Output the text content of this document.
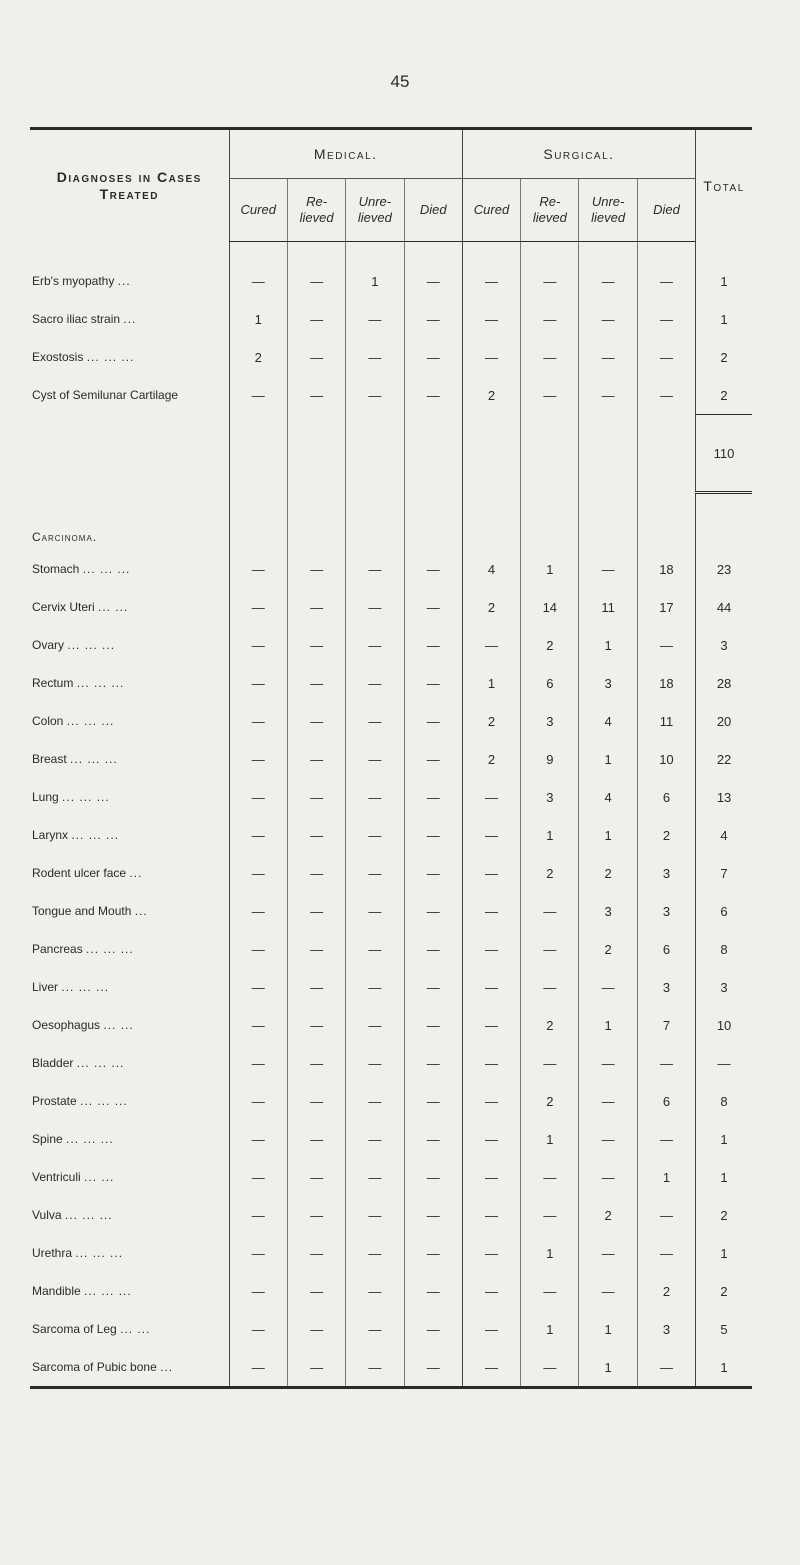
45
Diagnoses in Cases Treated	Medical.				Surgical.				Total
	Cured	Re- lieved	Unre- lieved	Died	Cured	Re- lieved	Unre- lieved	Died	

Erb's myopathy ...	—	—	1	—	—	—	—	—	1
Sacro iliac strain ...	1	—	—	—	—	—	—	—	1
Exostosis ... ... ...	2	—	—	—	—	—	—	—	2
Cyst of Semilunar Cartilage	—	—	—	—	2	—	—	—	2
									110
Carcinoma.									
Stomach ... ... ...	—	—	—	—	4	1	—	18	23
Cervix Uteri ... ...	—	—	—	—	2	14	11	17	44
Ovary ... ... ...	—	—	—	—	—	2	1	—	3
Rectum ... ... ...	—	—	—	—	1	6	3	18	28
Colon ... ... ...	—	—	—	—	2	3	4	11	20
Breast ... ... ...	—	—	—	—	2	9	1	10	22
Lung ... ... ...	—	—	—	—	—	3	4	6	13
Larynx ... ... ...	—	—	—	—	—	1	1	2	4
Rodent ulcer face ...	—	—	—	—	—	2	2	3	7
Tongue and Mouth ...	—	—	—	—	—	—	3	3	6
Pancreas ... ... ...	—	—	—	—	—	—	2	6	8
Liver ... ... ...	—	—	—	—	—	—	—	3	3
Oesophagus ... ...	—	—	—	—	—	2	1	7	10
Bladder ... ... ...	—	—	—	—	—	—	—	—	—
Prostate ... ... ...	—	—	—	—	—	2	—	6	8
Spine ... ... ...	—	—	—	—	—	1	—	—	1
Ventriculi ... ...	—	—	—	—	—	—	—	1	1
Vulva ... ... ...	—	—	—	—	—	—	2	—	2
Urethra ... ... ...	—	—	—	—	—	1	—	—	1
Mandible ... ... ...	—	—	—	—	—	—	—	2	2
Sarcoma of Leg ... ...	—	—	—	—	—	1	1	3	5
Sarcoma of Pubic bone ...	—	—	—	—	—	—	1	—	1
